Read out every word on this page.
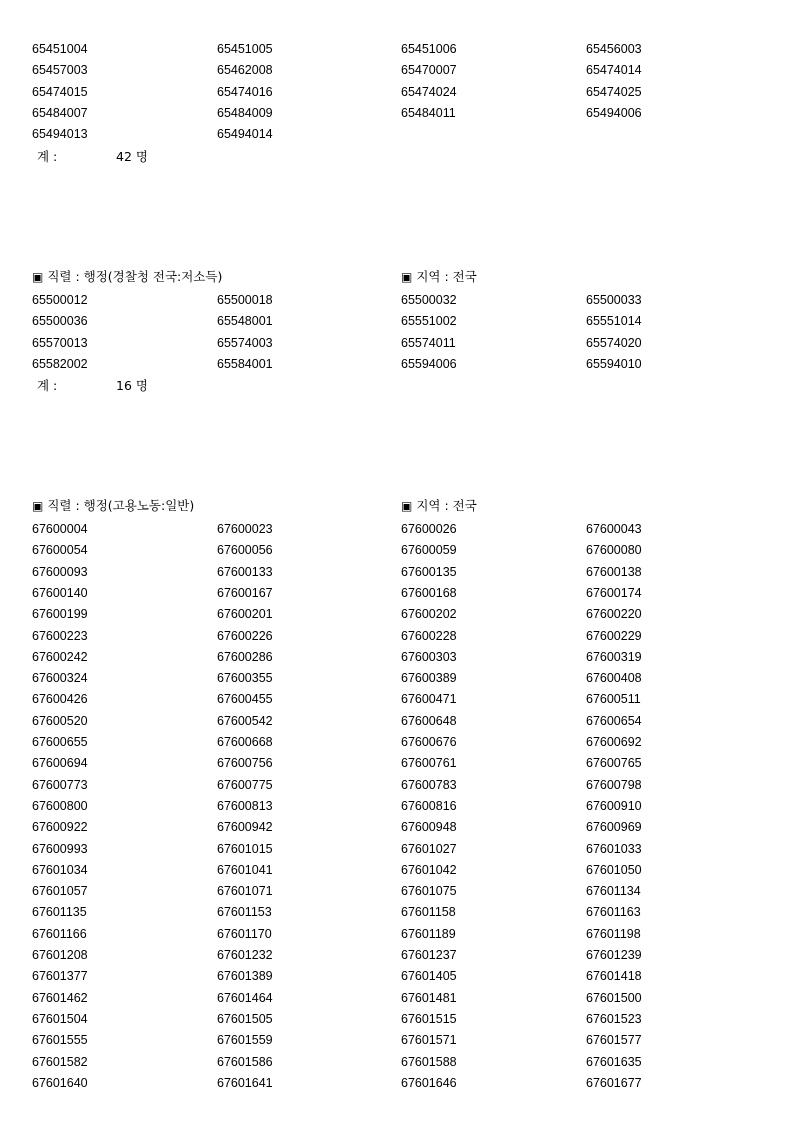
65451004	65451005	65451006	65456003
65457003	65462008	65470007	65474014
65474015	65474016	65474024	65474025
65484007	65484009	65484011	65494006
65494013	65494014
계 :	42 명
▣ 직렬 : 행정(경찰청 전국:저소득)	▣ 지역 : 전국
65500012	65500018	65500032	65500033
65500036	65548001	65551002	65551014
65570013	65574003	65574011	65574020
65582002	65584001	65594006	65594010
계 :	16 명
▣ 직렬 : 행정(고용노동:일반)	▣ 지역 : 전국
67600004	67600023	67600026	67600043
67600054	67600056	67600059	67600080
67600093	67600133	67600135	67600138
67600140	67600167	67600168	67600174
67600199	67600201	67600202	67600220
67600223	67600226	67600228	67600229
67600242	67600286	67600303	67600319
67600324	67600355	67600389	67600408
67600426	67600455	67600471	67600511
67600520	67600542	67600648	67600654
67600655	67600668	67600676	67600692
67600694	67600756	67600761	67600765
67600773	67600775	67600783	67600798
67600800	67600813	67600816	67600910
67600922	67600942	67600948	67600969
67600993	67601015	67601027	67601033
67601034	67601041	67601042	67601050
67601057	67601071	67601075	67601134
67601135	67601153	67601158	67601163
67601166	67601170	67601189	67601198
67601208	67601232	67601237	67601239
67601377	67601389	67601405	67601418
67601462	67601464	67601481	67601500
67601504	67601505	67601515	67601523
67601555	67601559	67601571	67601577
67601582	67601586	67601588	67601635
67601640	67601641	67601646	67601677
